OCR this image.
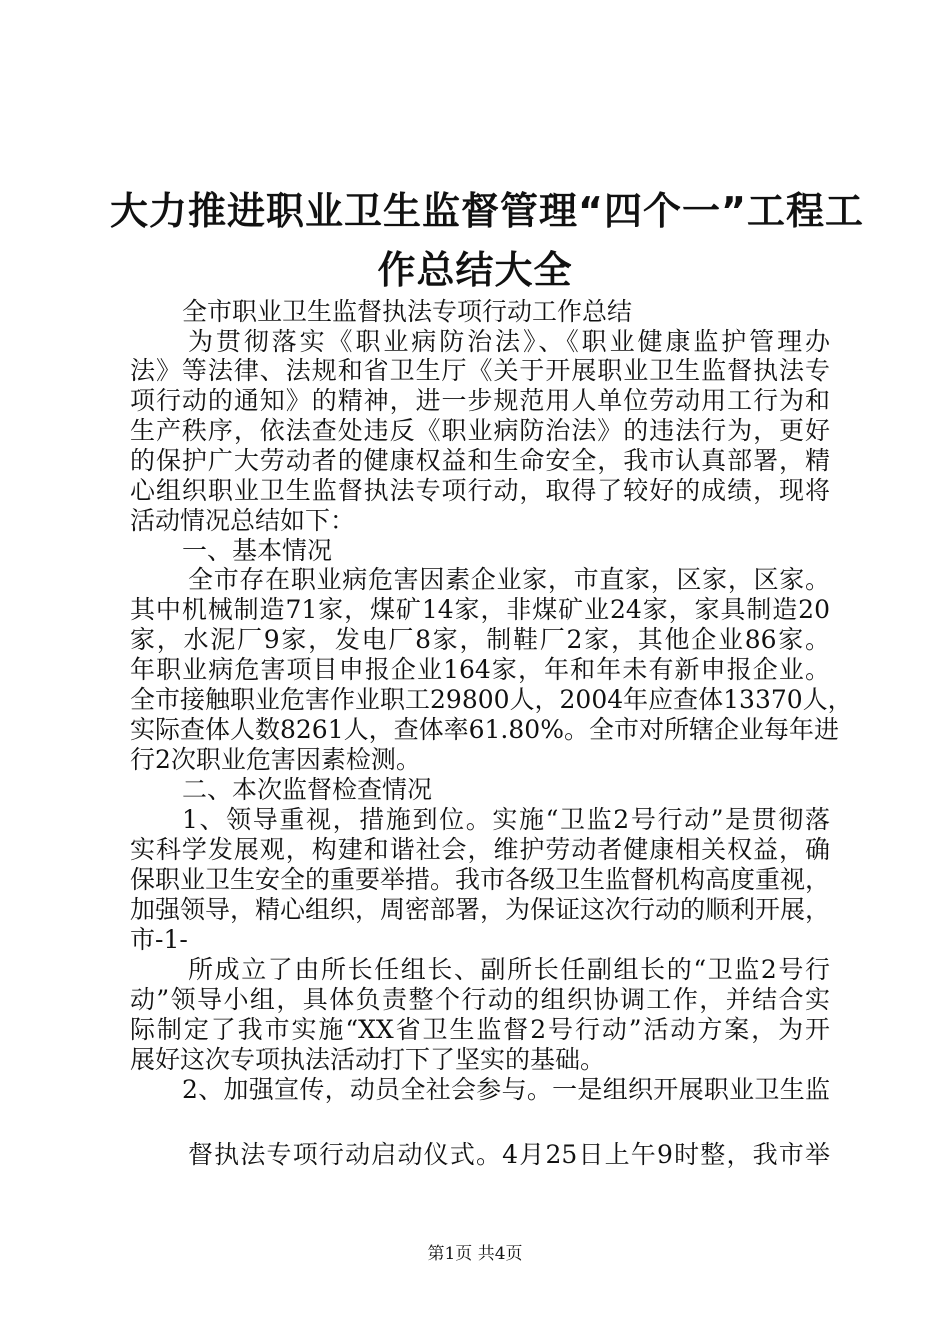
大力推进职业卫生监督管理“四个一”工程工
作总结大全
全市职业卫生监督执法专项行动工作总结
为贯彻落实《职业病防治法》、《职业健康监护管理办
法》等法律、法规和省卫生厅《关于开展职业卫生监督执法专
项行动的通知》的精神，进一步规范用人单位劳动用工行为和
生产秩序，依法查处违反《职业病防治法》的违法行为，更好
的保护广大劳动者的健康权益和生命安全，我市认真部署，精
心组织职业卫生监督执法专项行动，取得了较好的成绩，现将
活动情况总结如下：
一、基本情况
全市存在职业病危害因素企业家，市直家，区家，区家。
其中机械制造71家，煤矿14家，非煤矿业24家，家具制造20
家，水泥厂9家，发电厂8家，制鞋厂2家，其他企业86家。
年职业病危害项目申报企业164家，年和年未有新申报企业。
全市接触职业危害作业职工29800人，2004年应查体13370人，
实际查体人数8261人，查体率61.80%。全市对所辖企业每年进
行2次职业危害因素检测。
二、本次监督检查情况
1、领导重视，措施到位。实施“卫监2号行动”是贯彻落
实科学发展观，构建和谐社会，维护劳动者健康相关权益，确
保职业卫生安全的重要举措。我市各级卫生监督机构高度重视，
加强领导，精心组织，周密部署，为保证这次行动的顺利开展，
市-1-
所成立了由所长任组长、副所长任副组长的“卫监2号行
动”领导小组，具体负责整个行动的组织协调工作，并结合实
际制定了我市实施“XX省卫生监督2号行动”活动方案，为开
展好这次专项执法活动打下了坚实的基础。
2、加强宣传，动员全社会参与。一是组织开展职业卫生监
督执法专项行动启动仪式。4月25日上午9时整，我市举
第1页 共4页
